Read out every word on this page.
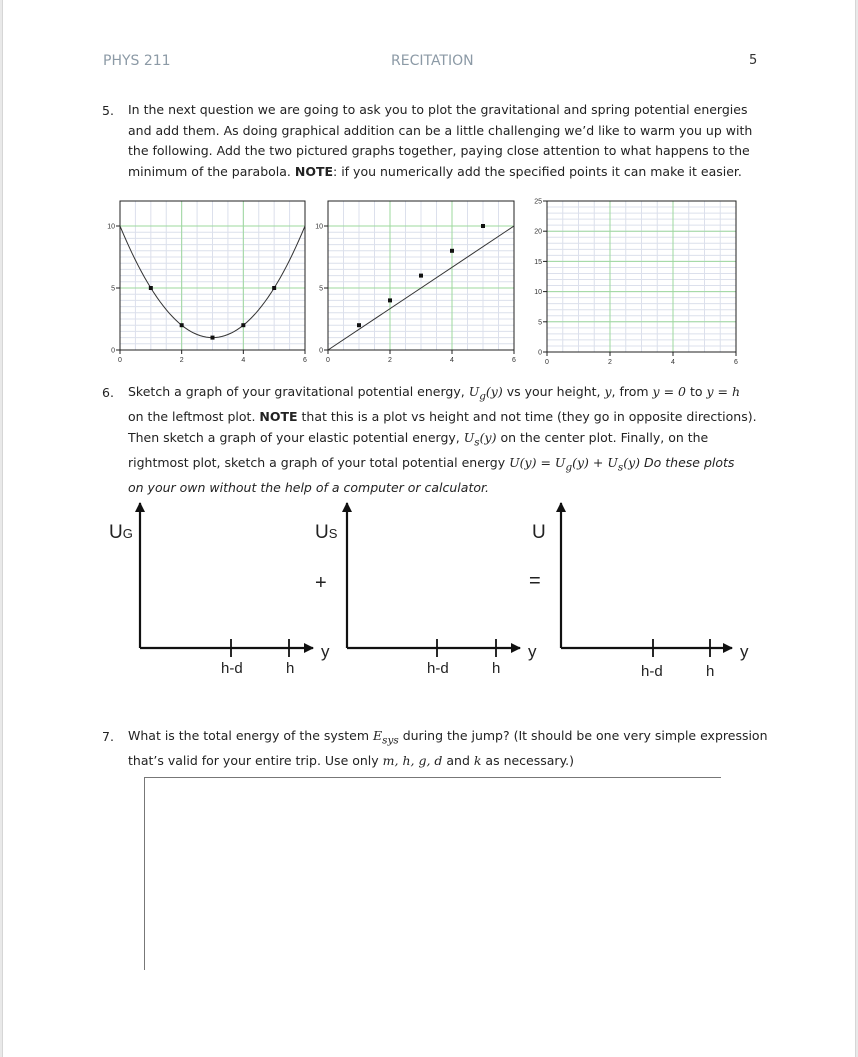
PHYS 211	RECITATION	5
5. In the next question we are going to ask you to plot the gravitational and spring potential energies
and add them. As doing graphical addition can be a little challenging we’d like to warm you up with
the following. Add the two pictured graphs together, paying close attention to what happens to the
minimum of the parabola. NOTE: if you numerically add the specified points it can make it easier.
0	2	4	6
0
5
10
0	2	4	6
0
5
10
0	2	4	6
0
5
10
15
20
25
6. Sketch a graph of your gravitational potential energy, $U_g(y)$ vs your height, y, from y = 0 to y = h
on the leftmost plot. NOTE that this is a plot vs height and not time (they go in opposite directions).
Then sketch a graph of your elastic potential energy, $U_s(y)$ on the center plot. Finally, on the
rightmost plot, sketch a graph of your total potential energy $U(y) = U_g(y) + U_s(y)$ Do these plots
on your own without the help of a computer or calculator.
UG
h-d	h
y
US
+
h-d	h
y
U
=
h-d	h
y
7. What is the total energy of the system $E_{sys}$ during the jump? (It should be one very simple expression
that’s valid for your entire trip. Use only m, h, g, d and k as necessary.)
